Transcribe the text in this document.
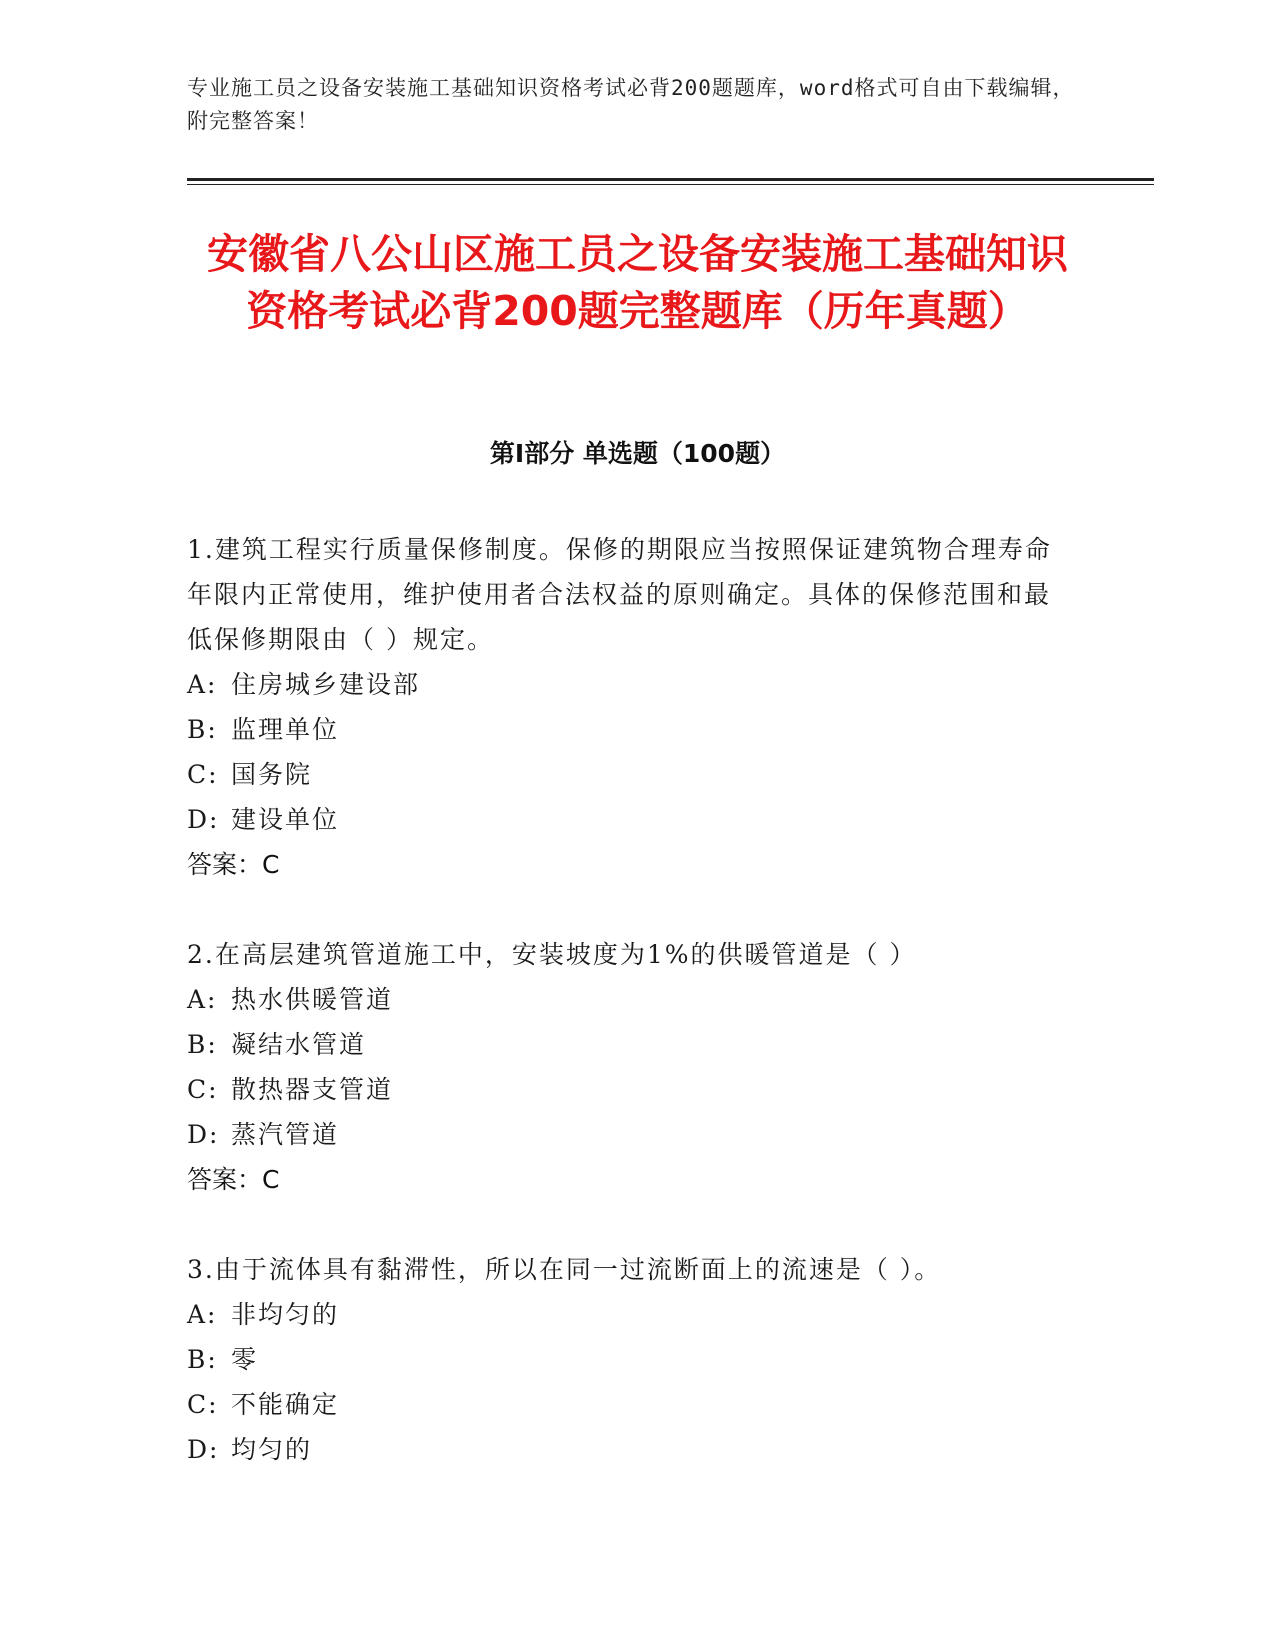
专业施工员之设备安装施工基础知识资格考试必背200题题库，word格式可自由下载编辑，附完整答案！
安徽省八公山区施工员之设备安装施工基础知识资格考试必背200题完整题库（历年真题）
第Ⅰ部分 单选题（100题）
1.建筑工程实行质量保修制度。保修的期限应当按照保证建筑物合理寿命年限内正常使用，维护使用者合法权益的原则确定。具体的保修范围和最低保修期限由（ ）规定。
A: 住房城乡建设部
B: 监理单位
C: 国务院
D: 建设单位
答案：C
2.在高层建筑管道施工中，安装坡度为1%的供暖管道是（ ）
A: 热水供暖管道
B: 凝结水管道
C: 散热器支管道
D: 蒸汽管道
答案：C
3.由于流体具有黏滞性，所以在同一过流断面上的流速是（ ）。
A: 非均匀的
B: 零
C: 不能确定
D: 均匀的
